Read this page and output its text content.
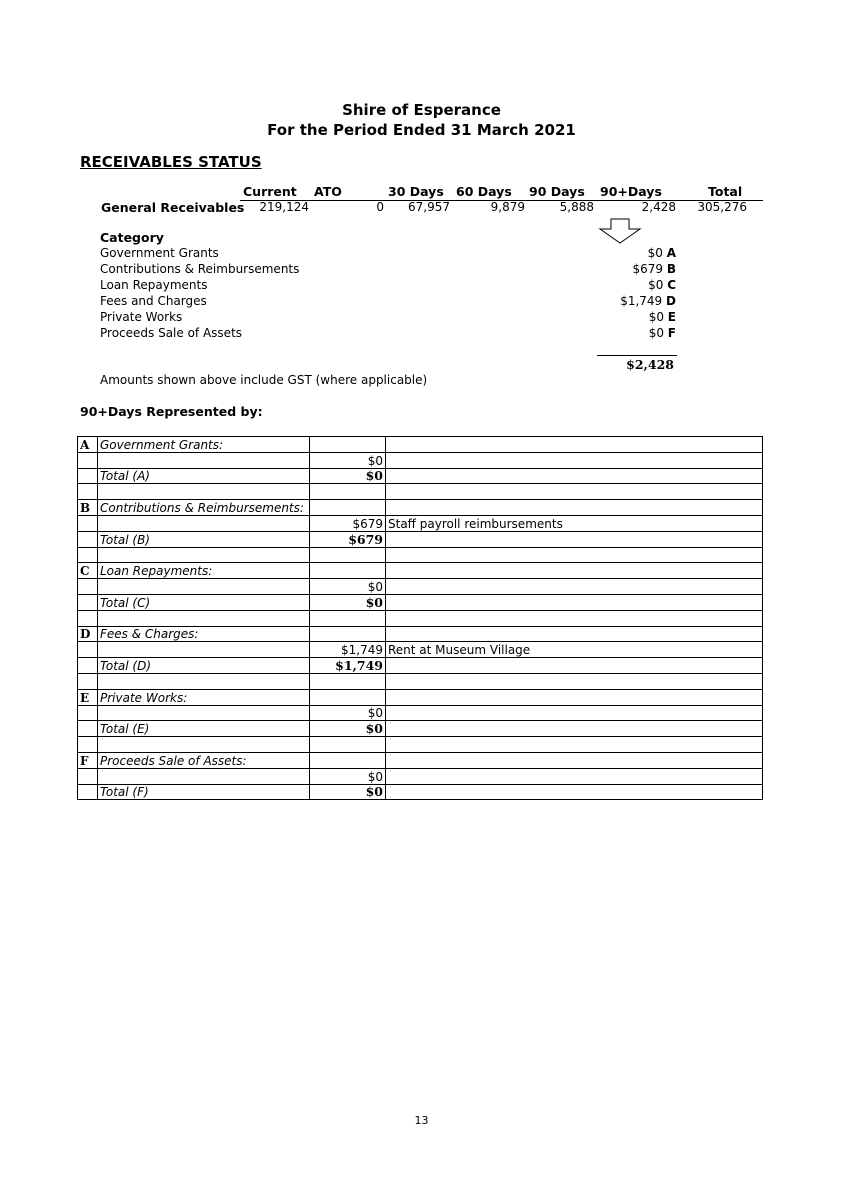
Shire of Esperance
For the Period Ended 31 March 2021
RECEIVABLES STATUS
Current ATO	30 Days 60 Days 90 Days 90+Days	Total
General Receivables 219,124	0 67,957	9,879	5,888	2,428 305,276
Category
Government Grants	$0 A
Contributions & Reimbursements	$679 B
Loan Repayments	$0 C
Fees and Charges	$1,749 D
Private Works	$0 E
Proceeds Sale of Assets	$0 F
$2,428
Amounts shown above include GST (where applicable)
90+Days Represented by:
A	Government Grants:		
		$0	
	Total (A)	$0	

B	Contributions & Reimbursements:		
		$679	Staff payroll reimbursements
	Total (B)	$679	

C	Loan Repayments:		
		$0	
	Total (C)	$0	

D	Fees & Charges:		
		$1,749	Rent at Museum Village
	Total (D)	$1,749	

E	Private Works:		
		$0	
	Total (E)	$0	

F	Proceeds Sale of Assets:		
		$0	
	Total (F)	$0	
13
